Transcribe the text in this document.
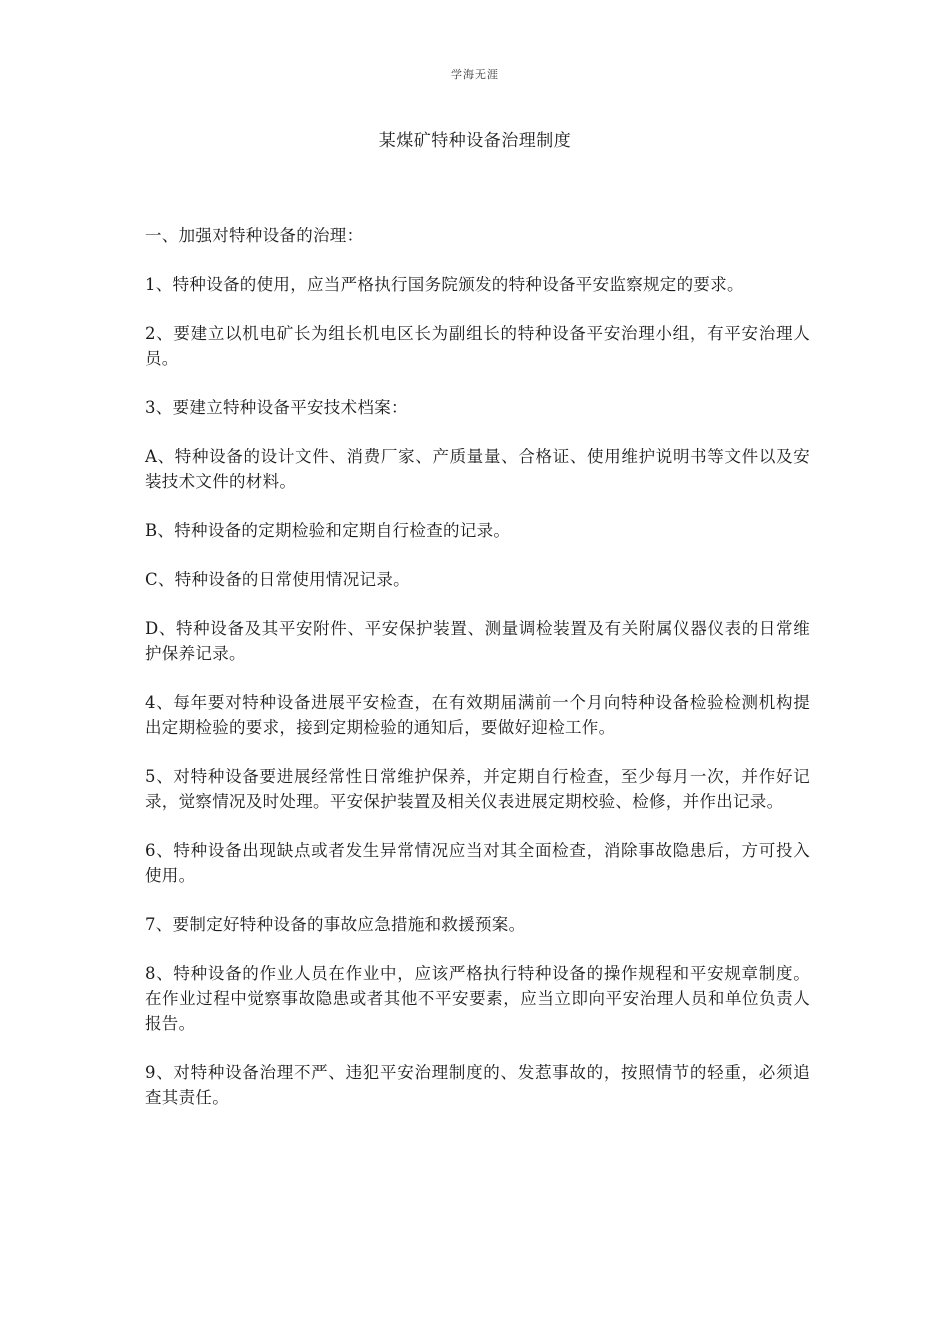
学海无涯
某煤矿特种设备治理制度

一、加强对特种设备的治理：

1、特种设备的使用，应当严格执行国务院颁发的特种设备平安监察规定的要求。

2、要建立以机电矿长为组长机电区长为副组长的特种设备平安治理小组，有平安治理人员。

3、要建立特种设备平安技术档案：

A、特种设备的设计文件、消费厂家、产质量量、合格证、使用维护说明书等文件以及安装技术文件的材料。

B、特种设备的定期检验和定期自行检查的记录。

C、特种设备的日常使用情况记录。

D、特种设备及其平安附件、平安保护装置、测量调检装置及有关附属仪器仪表的日常维护保养记录。

4、每年要对特种设备进展平安检查，在有效期届满前一个月向特种设备检验检测机构提出定期检验的要求，接到定期检验的通知后，要做好迎检工作。

5、对特种设备要进展经常性日常维护保养，并定期自行检查，至少每月一次，并作好记录，觉察情况及时处理。平安保护装置及相关仪表进展定期校验、检修，并作出记录。

6、特种设备出现缺点或者发生异常情况应当对其全面检查，消除事故隐患后，方可投入使用。

7、要制定好特种设备的事故应急措施和救援预案。

8、特种设备的作业人员在作业中，应该严格执行特种设备的操作规程和平安规章制度。在作业过程中觉察事故隐患或者其他不平安要素，应当立即向平安治理人员和单位负责人报告。

9、对特种设备治理不严、违犯平安治理制度的、发惹事故的，按照情节的轻重，必须追查其责任。
